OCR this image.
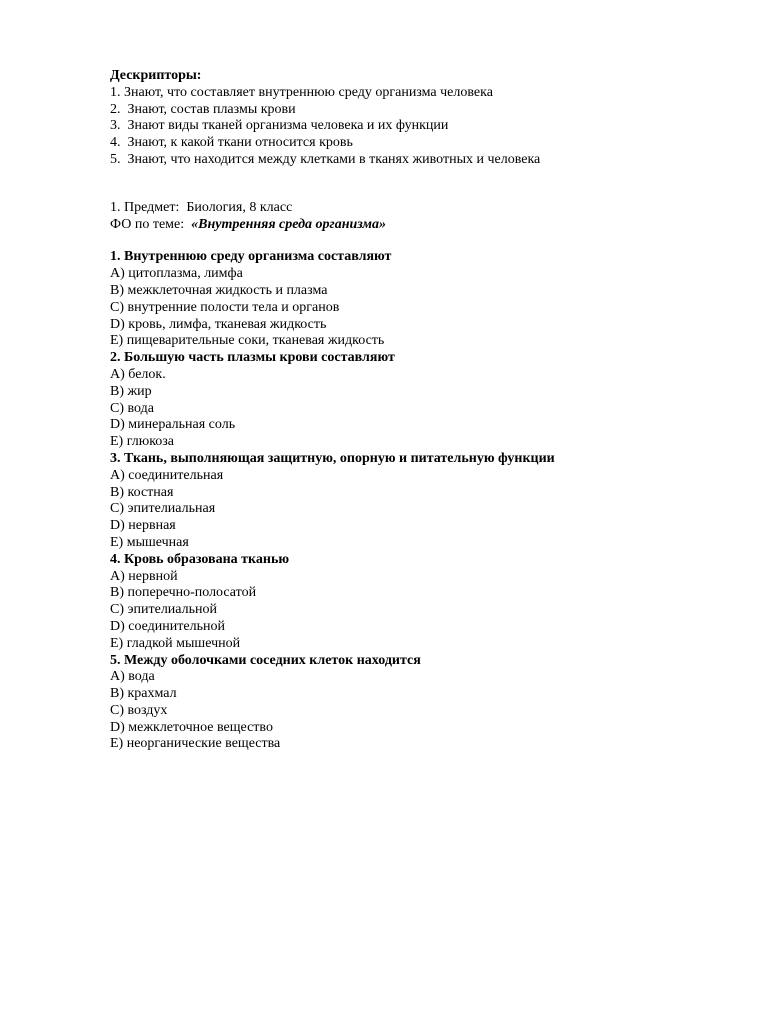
Дескрипторы:
1. Знают, что составляет внутреннюю среду организма человека
2.  Знают, состав плазмы крови
3.  Знают виды тканей организма человека и их функции
4.  Знают, к какой ткани относится кровь
5.  Знают, что находится между клетками в тканях животных и человека
1. Предмет:  Биология, 8 класс
ФО по теме:  «Внутренняя среда организма»
1. Внутреннюю среду организма составляют
А) цитоплазма, лимфа
В) межклеточная жидкость и плазма
С) внутренние полости тела и органов
D) кровь, лимфа, тканевая жидкость
Е) пищеварительные соки, тканевая жидкость
2. Большую часть плазмы крови составляют
А) белок.
В) жир
С) вода
D) минеральная соль
Е) глюкоза
3. Ткань, выполняющая защитную, опорную и питательную функции
А) соединительная
В) костная
С) эпителиальная
D) нервная
Е) мышечная
4. Кровь образована тканью
А) нервной
В) поперечно-полосатой
С) эпителиальной
D) соединительной
Е) гладкой мышечной
5. Между оболочками соседних клеток находится
А) вода
В) крахмал
С) воздух
D) межклеточное вещество
Е) неорганические вещества
